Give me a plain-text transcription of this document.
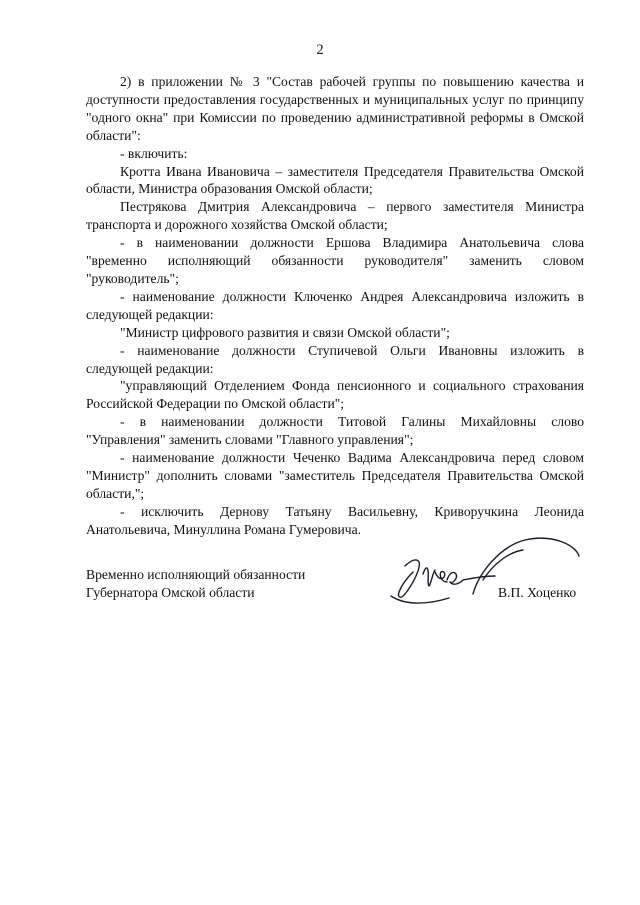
2

2) в приложении № 3 "Состав рабочей группы по повышению качества и доступности предоставления государственных и муниципальных услуг по принципу "одного окна" при Комиссии по проведению административной реформы в Омской области":

- включить:

Кротта Ивана Ивановича – заместителя Председателя Правительства Омской области, Министра образования Омской области;

Пестрякова Дмитрия Александровича – первого заместителя Министра транспорта и дорожного хозяйства Омской области;

- в наименовании должности Ершова Владимира Анатольевича слова "временно исполняющий обязанности руководителя" заменить словом "руководитель";

- наименование должности Ключенко Андрея Александровича изложить в следующей редакции:

"Министр цифрового развития и связи Омской области";

- наименование должности Ступичевой Ольги Ивановны изложить в следующей редакции:

"управляющий Отделением Фонда пенсионного и социального страхования Российской Федерации по Омской области";

- в наименовании должности Титовой Галины Михайловны слово "Управления" заменить словами "Главного управления";

- наименование должности Чеченко Вадима Александровича перед словом "Министр" дополнить словами "заместитель Председателя Правительства Омской области,";

- исключить Дернову Татьяну Васильевну, Криворучкина Леонида Анатольевича, Минуллина Романа Гумеровича.

Временно исполняющий обязанности
Губернатора Омской области	В.П. Хоценко
